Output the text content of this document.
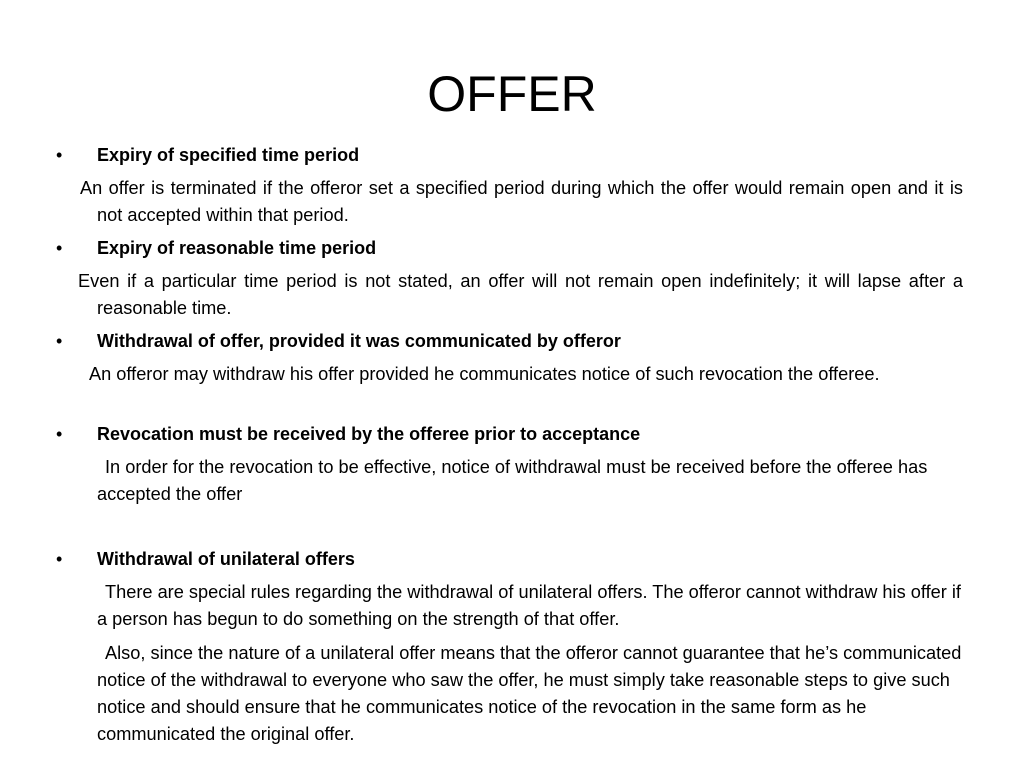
OFFER
• Expiry of specified time period
An offer is terminated if the offeror set a specified period during which the offer would remain open and it is not accepted within that period.
• Expiry of reasonable time period
Even if a particular time period is not stated, an offer will not remain open indefinitely; it will lapse after a reasonable time.
• Withdrawal of offer, provided it was communicated by offeror
An offeror may withdraw his offer provided he communicates notice of such revocation the offeree.
• Revocation must be received by the offeree prior to acceptance
In order for the revocation to be effective, notice of withdrawal must be received before the offeree has accepted the offer
• Withdrawal of unilateral offers
There are special rules regarding the withdrawal of unilateral offers. The offeror cannot withdraw his offer if a person has begun to do something on the strength of that offer.
Also, since the nature of a unilateral offer means that the offeror cannot guarantee that he’s communicated notice of the withdrawal to everyone who saw the offer, he must simply take reasonable steps to give such notice and should ensure that he communicates notice of the revocation in the same form as he communicated the original offer.
